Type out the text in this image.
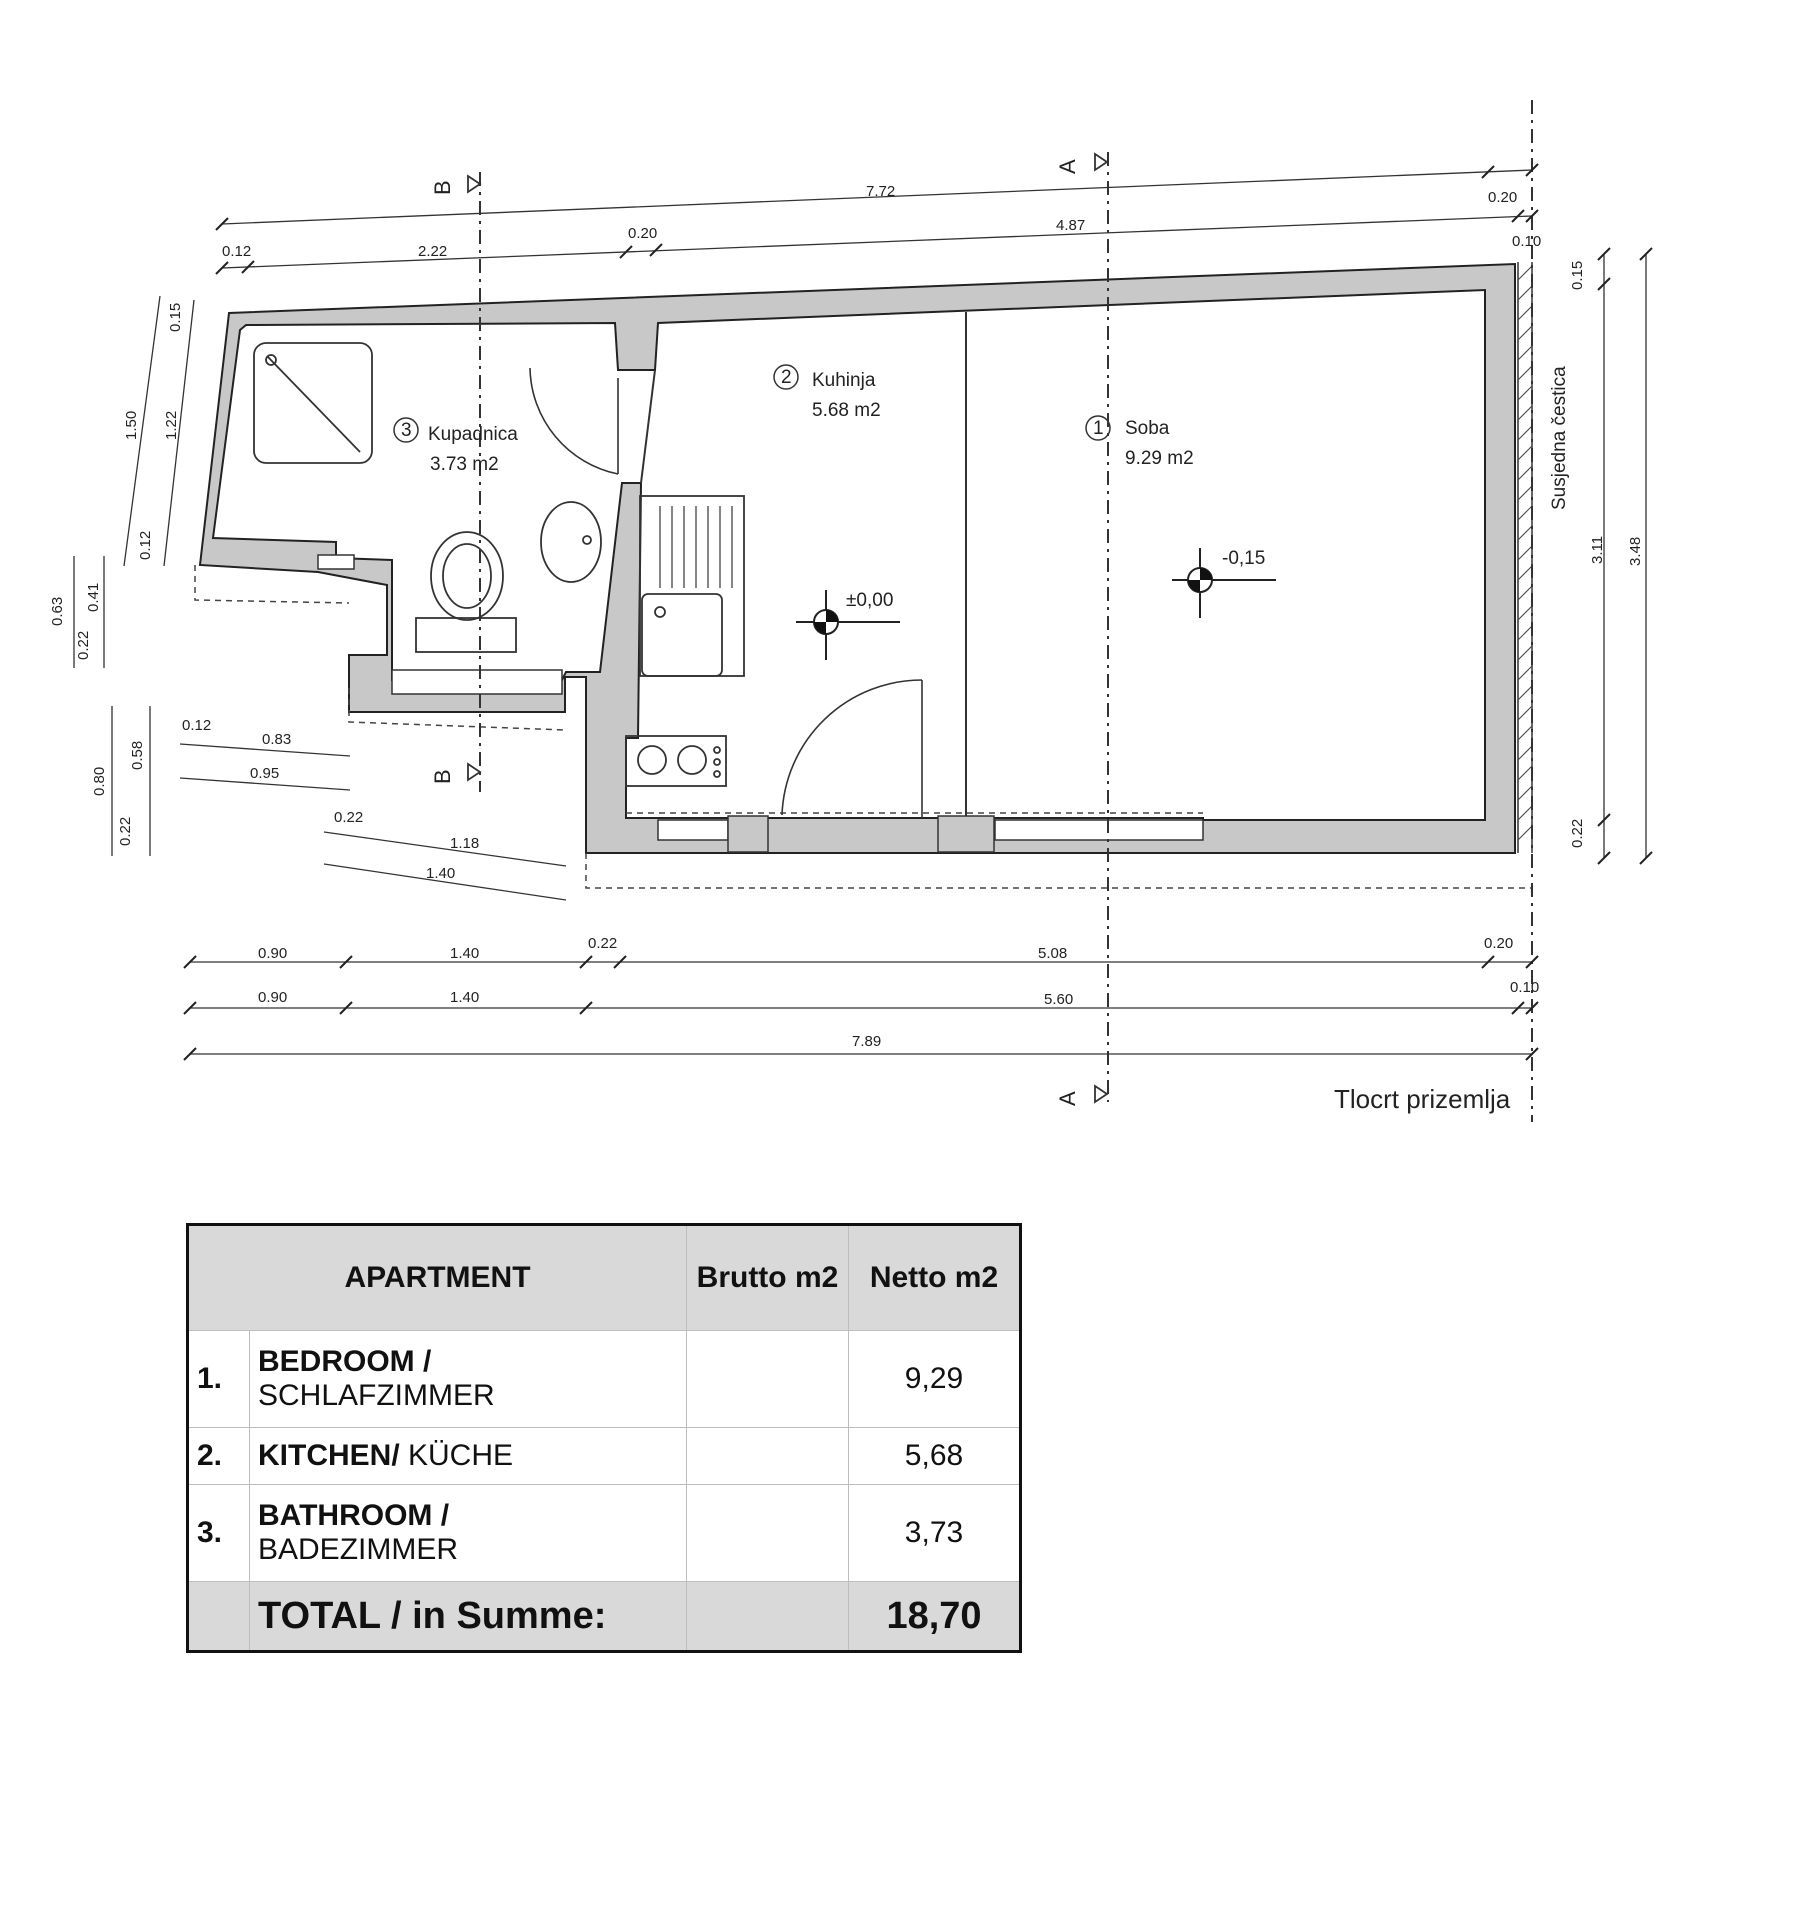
B
B
A
A
3 Kupadnica
3.73 m2
2 Kuhinja
5.68 m2
1 Soba
9.29 m2
±0,00
-0,15
Susjedna čestica
7.72	0.20
0.12	2.22
0.20	4.87
0.10
0.90	1.40
0.22
5.08
0.20
0.90	1.40	5.60
0.10
7.89
1.50
0.15
1.22
0.12
0.63 0.41
0.22
0.80
0.58
0.22
0.12
0.83
0.95
0.22
1.18
1.40
0.15
3.11 3.48
0.22
Tlocrt prizemlja
APARTMENT		Brutto m2	Netto m2
1.	BEDROOM /
SCHLAFZIMMER		9,29
2.	KITCHEN/ KÜCHE		5,68
3.	BATHROOM /
BADEZIMMER		3,73
	TOTAL / in Summe:		18,70
